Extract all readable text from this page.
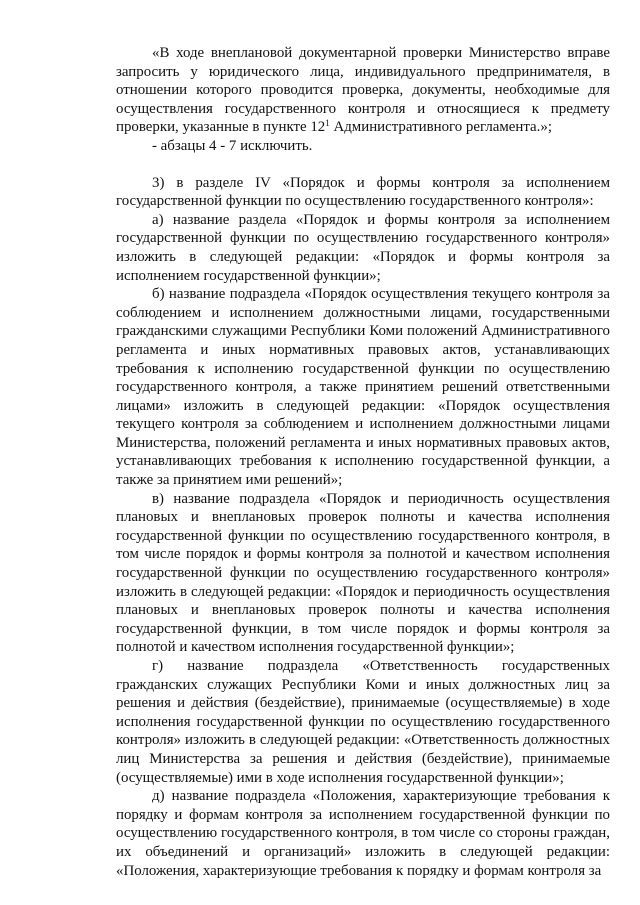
«В ходе внеплановой документарной проверки Министерство вправе запросить у юридического лица, индивидуального предпринимателя, в отношении которого проводится проверка, документы, необходимые для осуществления государственного контроля и относящиеся к предмету проверки, указанные в пункте $12^1$ Административного регламента.»;

- абзацы 4 - 7 исключить.

3) в разделе IV «Порядок и формы контроля за исполнением государственной функции по осуществлению государственного контроля»:

а) название раздела «Порядок и формы контроля за исполнением государственной функции по осуществлению государственного контроля» изложить в следующей редакции: «Порядок и формы контроля за исполнением государственной функции»;

б) название подраздела «Порядок осуществления текущего контроля за соблюдением и исполнением должностными лицами, государственными гражданскими служащими Республики Коми положений Административного регламента и иных нормативных правовых актов, устанавливающих требования к исполнению государственной функции по осуществлению государственного контроля, а также принятием решений ответственными лицами» изложить в следующей редакции: «Порядок осуществления текущего контроля за соблюдением и исполнением должностными лицами Министерства, положений регламента и иных нормативных правовых актов, устанавливающих требования к исполнению государственной функции, а также за принятием ими решений»;

в) название подраздела «Порядок и периодичность осуществления плановых и внеплановых проверок полноты и качества исполнения государственной функции по осуществлению государственного контроля, в том числе порядок и формы контроля за полнотой и качеством исполнения государственной функции по осуществлению государственного контроля» изложить в следующей редакции: «Порядок и периодичность осуществления плановых и внеплановых проверок полноты и качества исполнения государственной функции, в том числе порядок и формы контроля за полнотой и качеством исполнения государственной функции»;

г) название подраздела «Ответственность государственных гражданских служащих Республики Коми и иных должностных лиц за решения и действия (бездействие), принимаемые (осуществляемые) в ходе исполнения государственной функции по осуществлению государственного контроля» изложить в следующей редакции: «Ответственность должностных лиц Министерства за решения и действия (бездействие), принимаемые (осуществляемые) ими в ходе исполнения государственной функции»;

д) название подраздела «Положения, характеризующие требования к порядку и формам контроля за исполнением государственной функции по осуществлению государственного контроля, в том числе со стороны граждан, их объединений и организаций» изложить в следующей редакции: «Положения, характеризующие требования к порядку и формам контроля за
